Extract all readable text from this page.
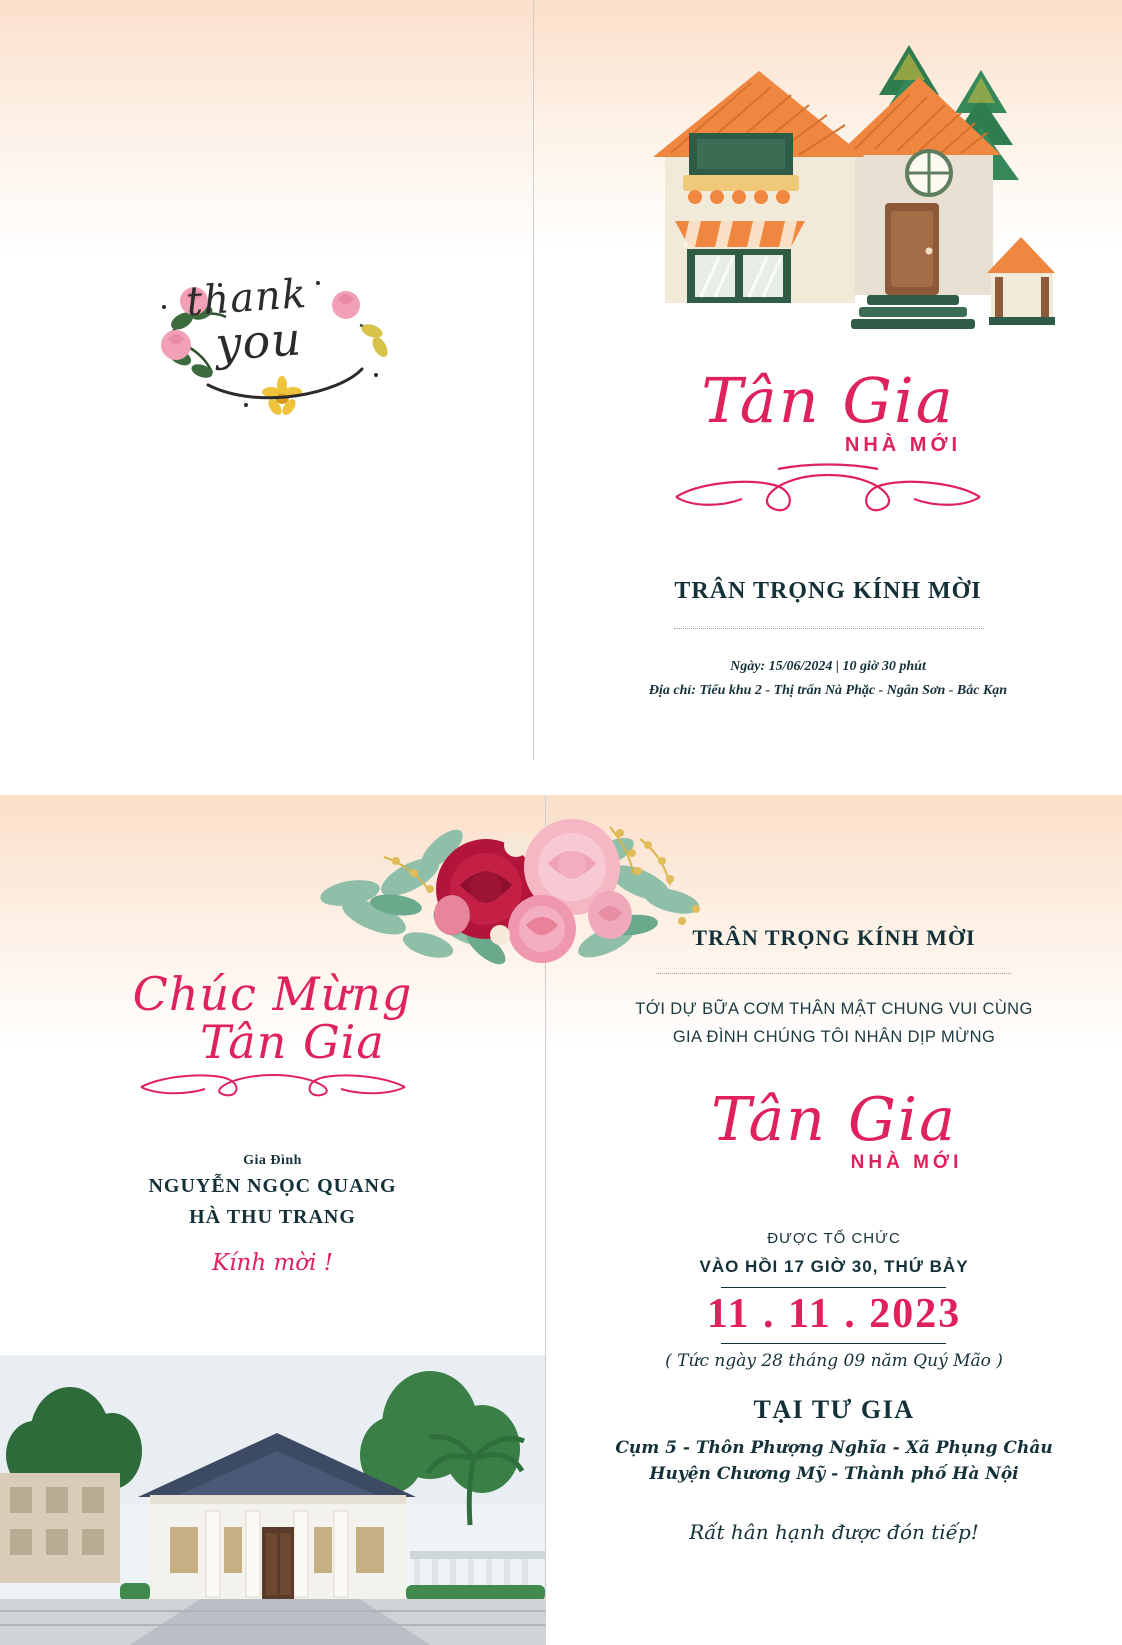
thank
you
Tân Gia
NHÀ MỚI
TRÂN TRỌNG KÍNH MỜI
Ngày: 15/06/2024 | 10 giờ 30 phút
Địa chỉ: Tiểu khu 2 - Thị trấn Nà Phặc - Ngân Sơn - Bắc Kạn
Chúc Mừng
Tân Gia
Gia Đình
NGUYỄN NGỌC QUANG
HÀ THU TRANG
Kính mời !
TRÂN TRỌNG KÍNH MỜI
TỚI DỰ BỮA CƠM THÂN MẬT CHUNG VUI CÙNG
GIA ĐÌNH CHÚNG TÔI NHÂN DỊP MỪNG
Tân Gia
NHÀ MỚI
ĐƯỢC TỔ CHỨC
VÀO HỒI 17 GIỜ 30, THỨ BẢY
11 . 11 . 2023
( Tức ngày 28 tháng 09 năm Quý Mão )
TẠI TƯ GIA
Cụm 5 - Thôn Phượng Nghĩa - Xã Phụng Châu
Huyện Chương Mỹ - Thành phố Hà Nội
Rất hân hạnh được đón tiếp!
